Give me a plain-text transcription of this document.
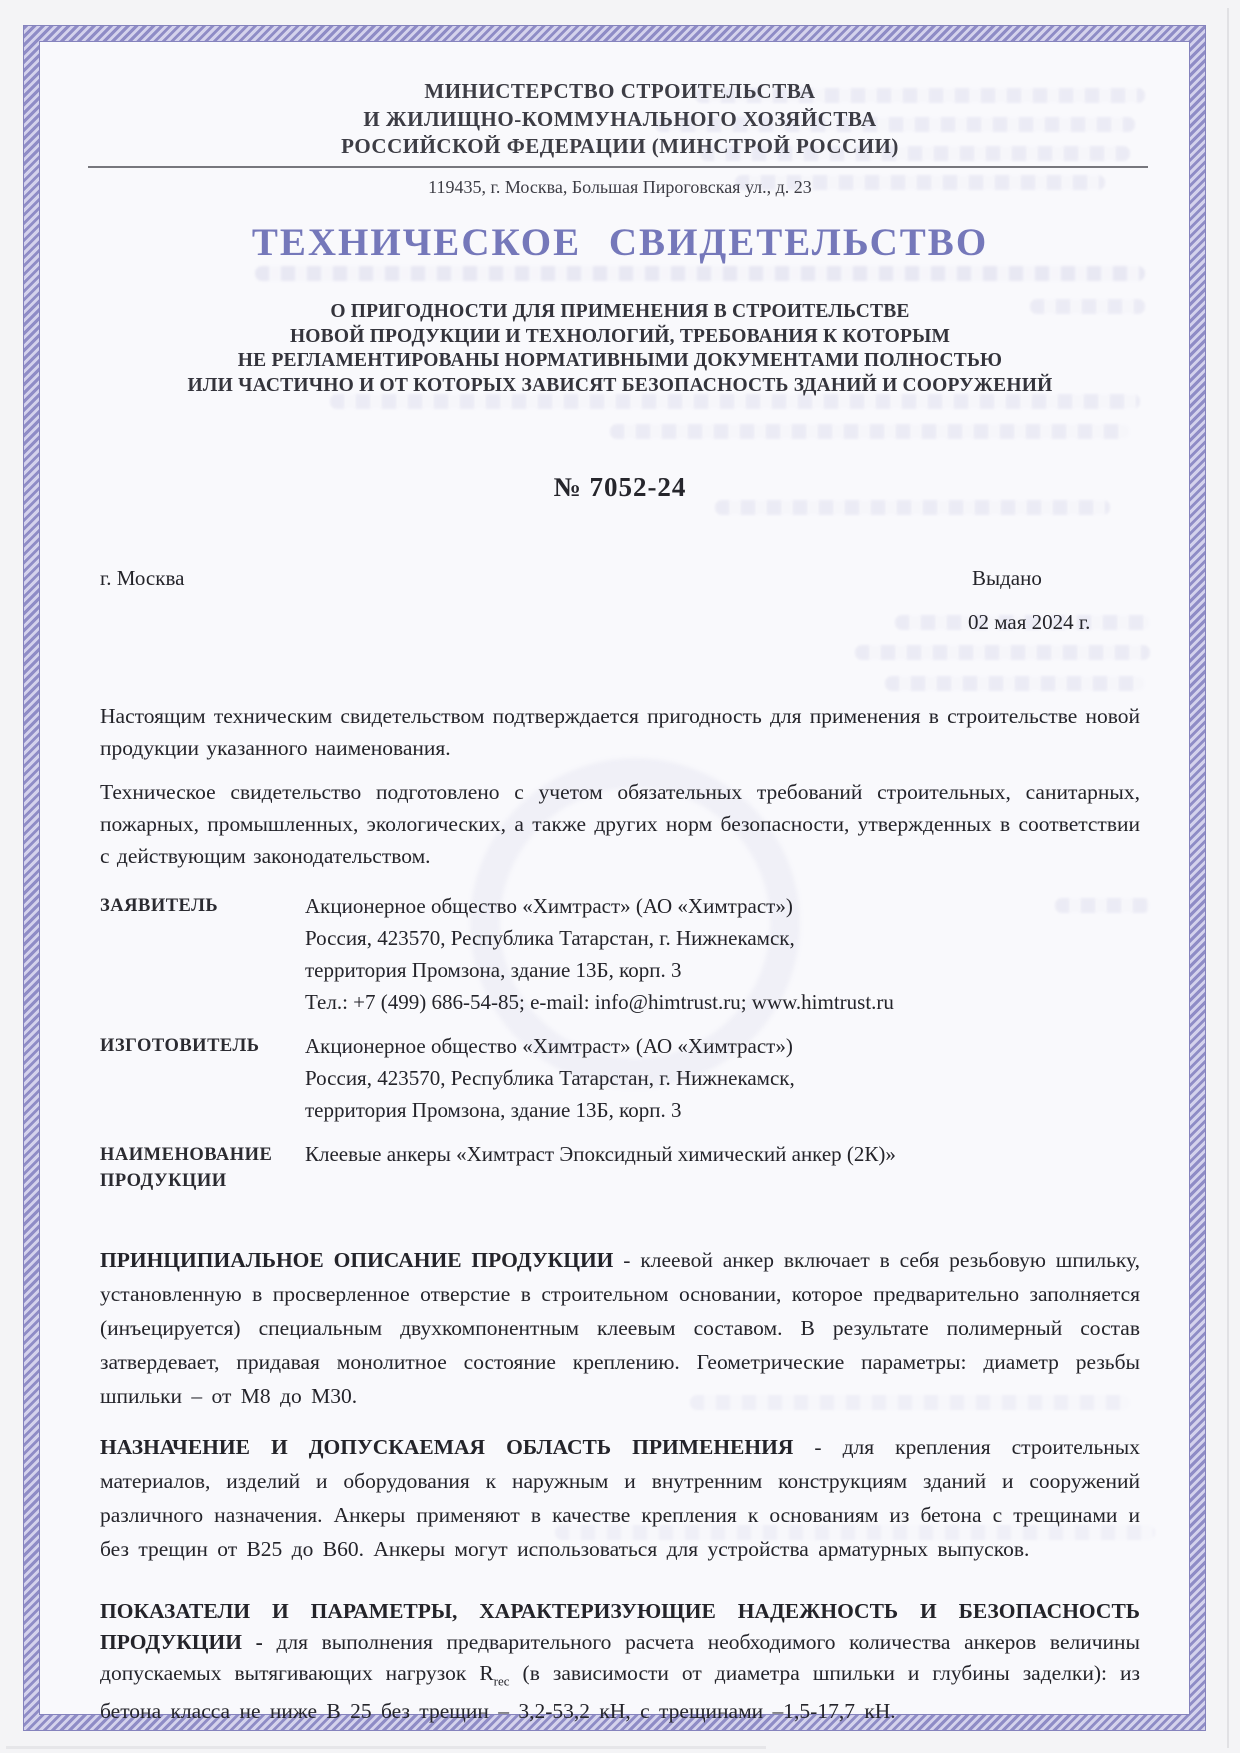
МИНИСТЕРСТВО СТРОИТЕЛЬСТВА
И ЖИЛИЩНО-КОММУНАЛЬНОГО ХОЗЯЙСТВА
РОССИЙСКОЙ ФЕДЕРАЦИИ (МИНСТРОЙ РОССИИ)
119435, г. Москва, Большая Пироговская ул., д. 23
ТЕХНИЧЕСКОЕ СВИДЕТЕЛЬСТВО
О ПРИГОДНОСТИ ДЛЯ ПРИМЕНЕНИЯ В СТРОИТЕЛЬСТВЕ
НОВОЙ ПРОДУКЦИИ И ТЕХНОЛОГИЙ, ТРЕБОВАНИЯ К КОТОРЫМ
НЕ РЕГЛАМЕНТИРОВАНЫ НОРМАТИВНЫМИ ДОКУМЕНТАМИ ПОЛНОСТЬЮ
ИЛИ ЧАСТИЧНО И ОТ КОТОРЫХ ЗАВИСЯТ БЕЗОПАСНОСТЬ ЗДАНИЙ И СООРУЖЕНИЙ
№ 7052-24
г. Москва	Выдано
02 мая 2024 г.

Настоящим техническим свидетельством подтверждается пригодность для применения в строительстве новой продукции указанного наименования.

Техническое свидетельство подготовлено с учетом обязательных требований строительных, санитарных, пожарных, промышленных, экологических, а также других норм безопасности, утвержденных в соответствии с действующим законодательством.

ЗАЯВИТЕЛЬ	Акционерное общество «Химтраст» (АО «Химтраст»)
Россия, 423570, Республика Татарстан, г. Нижнекамск,
территория Промзона, здание 13Б, корп. 3
Тел.: +7 (499) 686-54-85; e-mail: info@himtrust.ru; www.himtrust.ru
ИЗГОТОВИТЕЛЬ Акционерное общество «Химтраст» (АО «Химтраст»)
Россия, 423570, Республика Татарстан, г. Нижнекамск,
территория Промзона, здание 13Б, корп. 3
НАИМЕНОВАНИЕ
ПРОДУКЦИИ
Клеевые анкеры «Химтраст Эпоксидный химический анкер (2К)»

ПРИНЦИПИАЛЬНОЕ ОПИСАНИЕ ПРОДУКЦИИ - клеевой анкер включает в себя резьбовую шпильку, установленную в просверленное отверстие в строительном основании, которое предварительно заполняется (инъецируется) специальным двухкомпонентным клеевым составом. В результате полимерный состав затвердевает, придавая монолитное состояние креплению. Геометрические параметры: диаметр резьбы шпильки – от М8 до М30.

НАЗНАЧЕНИЕ И ДОПУСКАЕМАЯ ОБЛАСТЬ ПРИМЕНЕНИЯ - для крепления строительных материалов, изделий и оборудования к наружным и внутренним конструкциям зданий и сооружений различного назначения. Анкеры применяют в качестве крепления к основаниям из бетона с трещинами и без трещин от В25 до В60. Анкеры могут использоваться для устройства арматурных выпусков.

ПОКАЗАТЕЛИ И ПАРАМЕТРЫ, ХАРАКТЕРИЗУЮЩИЕ НАДЕЖНОСТЬ И БЕЗОПАСНОСТЬ ПРОДУКЦИИ - для выполнения предварительного расчета необходимого количества анкеров величины допускаемых вытягивающих нагрузок $R_{rec}$ (в зависимости от диаметра шпильки и глубины заделки): из бетона класса не ниже В 25 без трещин – 3,2-53,2 кН, с трещинами –1,5-17,7 кН.
